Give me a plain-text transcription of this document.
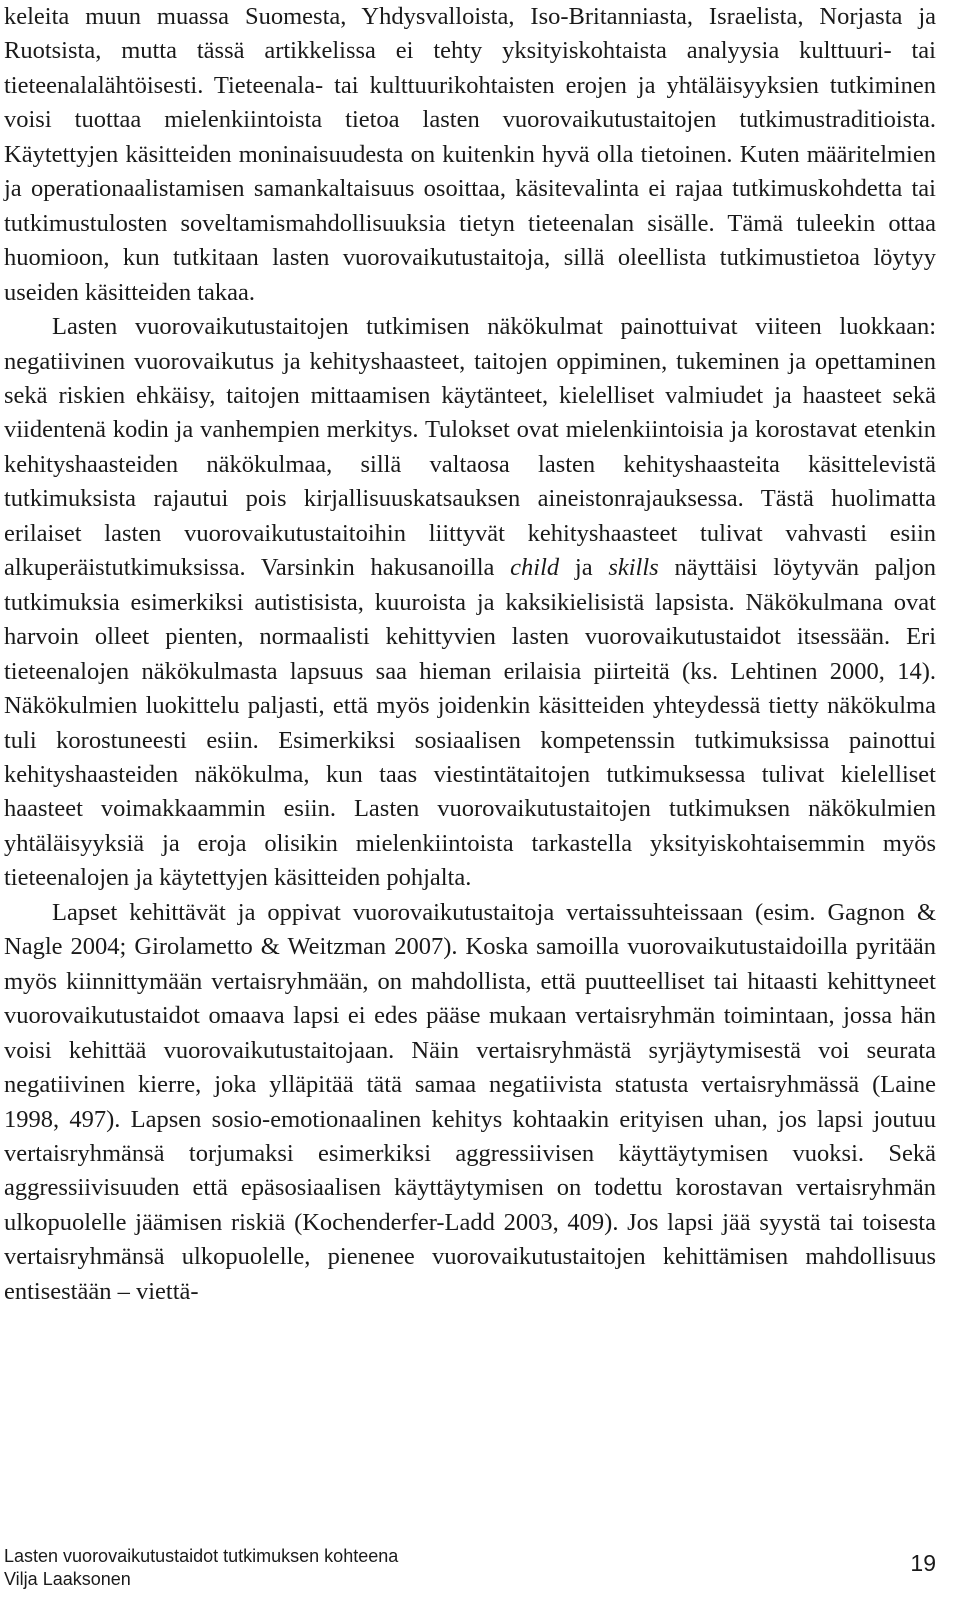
keleita muun muassa Suomesta, Yhdysvalloista, Iso-Britanniasta, Israelista, Norjasta ja Ruotsista, mutta tässä artikkelissa ei tehty yksityiskohtaista analyysia kulttuuri- tai tieteenalalähtöisesti. Tieteenala- tai kulttuurikohtaisten erojen ja yhtäläisyyksien tutkiminen voisi tuottaa mielenkiintoista tietoa lasten vuorovaikutustaitojen tutkimustraditioista. Käytettyjen käsitteiden moninaisuudesta on kuitenkin hyvä olla tietoinen. Kuten määritelmien ja operationaalistamisen samankaltaisuus osoittaa, käsitevalinta ei rajaa tutkimuskohdetta tai tutkimustulosten soveltamismahdollisuuksia tietyn tieteenalan sisälle. Tämä tuleekin ottaa huomioon, kun tutkitaan lasten vuorovaikutustaitoja, sillä oleellista tutkimustietoa löytyy useiden käsitteiden takaa.

Lasten vuorovaikutustaitojen tutkimisen näkökulmat painottuivat viiteen luokkaan: negatiivinen vuorovaikutus ja kehityshaasteet, taitojen oppiminen, tukeminen ja opettaminen sekä riskien ehkäisy, taitojen mittaamisen käytänteet, kielelliset valmiudet ja haasteet sekä viidentenä kodin ja vanhempien merkitys. Tulokset ovat mielenkiintoisia ja korostavat etenkin kehityshaasteiden näkökulmaa, sillä valtaosa lasten kehityshaasteita käsittelevistä tutkimuksista rajautui pois kirjallisuuskatsauksen aineistonrajauksessa. Tästä huolimatta erilaiset lasten vuorovaikutustaitoihin liittyvät kehityshaasteet tulivat vahvasti esiin alkuperäistutkimuksissa. Varsinkin hakusanoilla child ja skills näyttäisi löytyvän paljon tutkimuksia esimerkiksi autistisista, kuuroista ja kaksikielisistä lapsista. Näkökulmana ovat harvoin olleet pienten, normaalisti kehittyvien lasten vuorovaikutustaidot itsessään. Eri tieteenalojen näkökulmasta lapsuus saa hieman erilaisia piirteitä (ks. Lehtinen 2000, 14). Näkökulmien luokittelu paljasti, että myös joidenkin käsitteiden yhteydessä tietty näkökulma tuli korostuneesti esiin. Esimerkiksi sosiaalisen kompetenssin tutkimuksissa painottui kehityshaasteiden näkökulma, kun taas viestintätaitojen tutkimuksessa tulivat kielelliset haasteet voimakkaammin esiin. Lasten vuorovaikutustaitojen tutkimuksen näkökulmien yhtäläisyyksiä ja eroja olisikin mielenkiintoista tarkastella yksityiskohtaisemmin myös tieteenalojen ja käytettyjen käsitteiden pohjalta.

Lapset kehittävät ja oppivat vuorovaikutustaitoja vertaissuhteissaan (esim. Gagnon & Nagle 2004; Girolametto & Weitzman 2007). Koska samoilla vuorovaikutustaidoilla pyritään myös kiinnittymään vertaisryhmään, on mahdollista, että puutteelliset tai hitaasti kehittyneet vuorovaikutustaidot omaava lapsi ei edes pääse mukaan vertaisryhmän toimintaan, jossa hän voisi kehittää vuorovaikutustaitojaan. Näin vertaisryhmästä syrjäytymisestä voi seurata negatiivinen kierre, joka ylläpitää tätä samaa negatiivista statusta vertaisryhmässä (Laine 1998, 497). Lapsen sosio-emotionaalinen kehitys kohtaakin erityisen uhan, jos lapsi joutuu vertaisryhmänsä torjumaksi esimerkiksi aggressiivisen käyttäytymisen vuoksi. Sekä aggressiivisuuden että epäsosiaalisen käyttäytymisen on todettu korostavan vertaisryhmän ulkopuolelle jäämisen riskiä (Kochenderfer-Ladd 2003, 409). Jos lapsi jää syystä tai toisesta vertaisryhmänsä ulkopuolelle, pienenee vuorovaikutustaitojen kehittämisen mahdollisuus entisestään – viettä-

Lasten vuorovaikutustaidot tutkimuksen kohteena
Vilja Laaksonen
19
